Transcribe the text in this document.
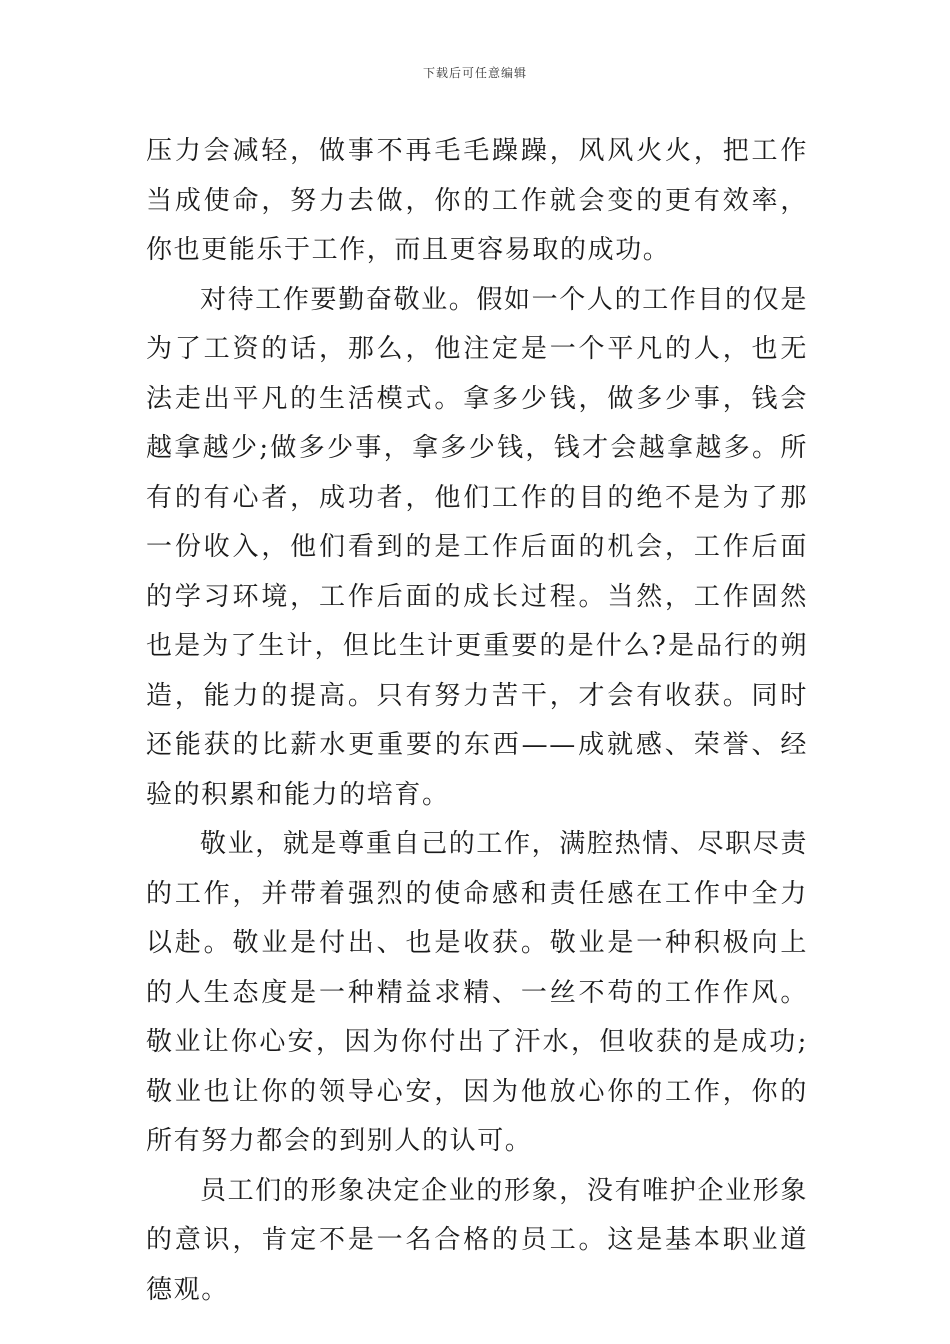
下载后可任意编辑

压力会减轻，做事不再毛毛躁躁，风风火火，把工作当成使命，努力去做，你的工作就会变的更有效率，你也更能乐于工作，而且更容易取的成功。

对待工作要勤奋敬业。假如一个人的工作目的仅是为了工资的话，那么，他注定是一个平凡的人，也无法走出平凡的生活模式。拿多少钱，做多少事，钱会越拿越少;做多少事，拿多少钱，钱才会越拿越多。所有的有心者，成功者，他们工作的目的绝不是为了那一份收入，他们看到的是工作后面的机会，工作后面的学习环境，工作后面的成长过程。当然，工作固然也是为了生计，但比生计更重要的是什么?是品行的朔造，能力的提高。只有努力苦干，才会有收获。同时还能获的比薪水更重要的东西——成就感、荣誉、经验的积累和能力的培育。

敬业，就是尊重自己的工作，满腔热情、尽职尽责的工作，并带着强烈的使命感和责任感在工作中全力以赴。敬业是付出、也是收获。敬业是一种积极向上的人生态度是一种精益求精、一丝不苟的工作作风。敬业让你心安，因为你付出了汗水，但收获的是成功;敬业也让你的领导心安，因为他放心你的工作，你的所有努力都会的到别人的认可。

员工们的形象决定企业的形象，没有唯护企业形象的意识，肯定不是一名合格的员工。这是基本职业道德观。
